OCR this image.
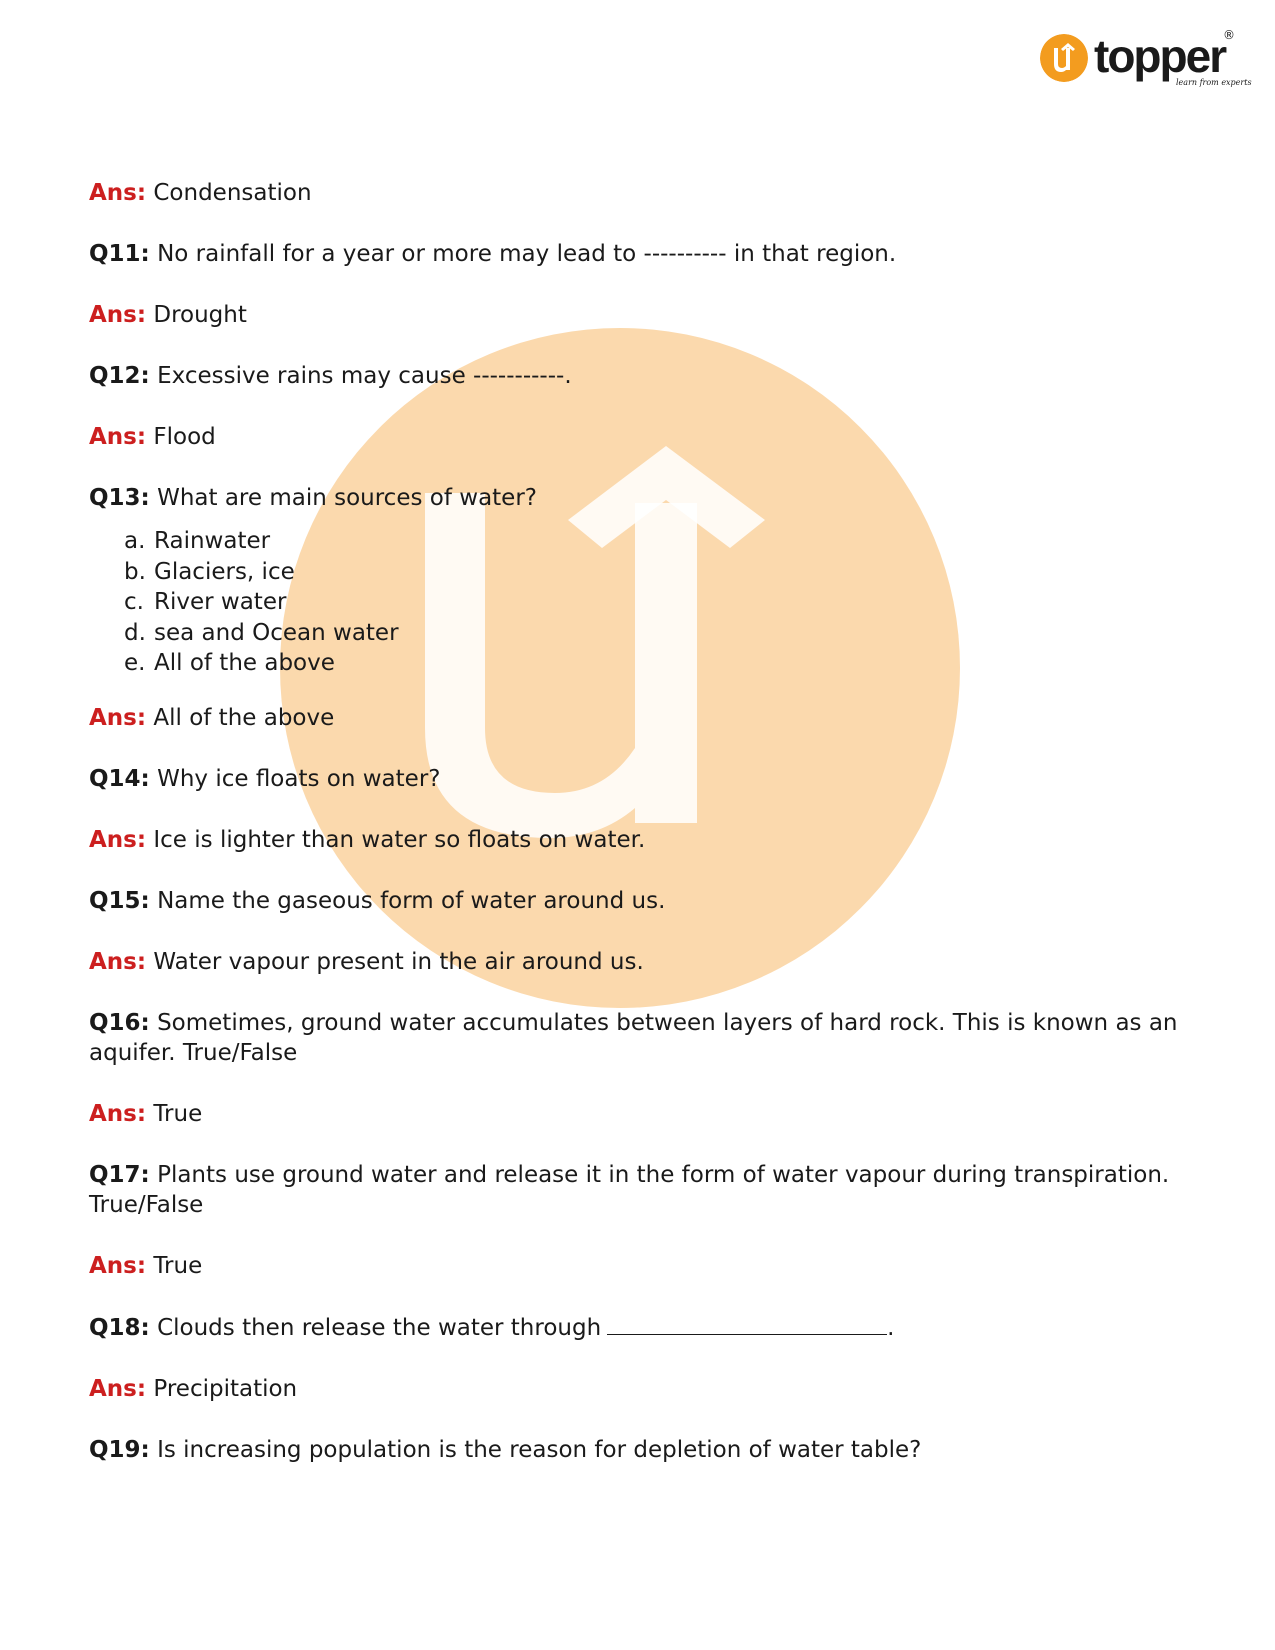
topper
®
learn from experts

Ans: Condensation

Q11: No rainfall for a year or more may lead to ---------- in that region.

Ans: Drought

Q12: Excessive rains may cause -----------.

Ans: Flood

Q13: What are main sources of water?

a. Rainwater
b. Glaciers, ice
c. River water
d. sea and Ocean water
e. All of the above

Ans: All of the above

Q14: Why ice floats on water?

Ans: Ice is lighter than water so floats on water.

Q15: Name the gaseous form of water around us.

Ans: Water vapour present in the air around us.

Q16: Sometimes, ground water accumulates between layers of hard rock. This is known as an aquifer. True/False

Ans: True

Q17: Plants use ground water and release it in the form of water vapour during transpiration. True/False

Ans: True

Q18: Clouds then release the water through	.

Ans: Precipitation

Q19: Is increasing population is the reason for depletion of water table?
